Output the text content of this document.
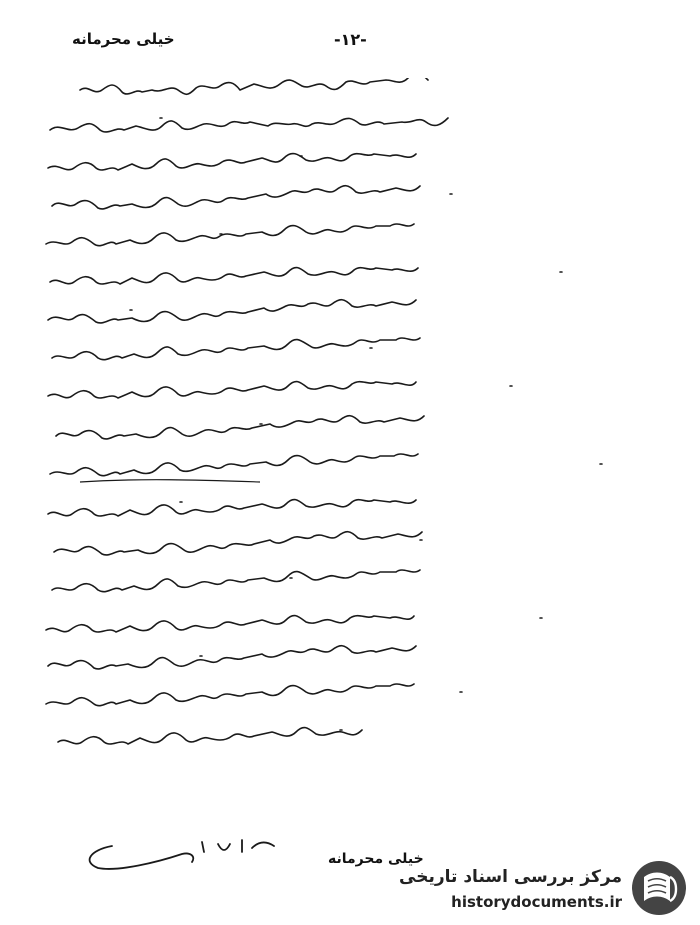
خیلی محرمانه	-۱۲-
خیلی محرمانه
مرکز بررسی اسناد تاریخی
historydocuments.ir
